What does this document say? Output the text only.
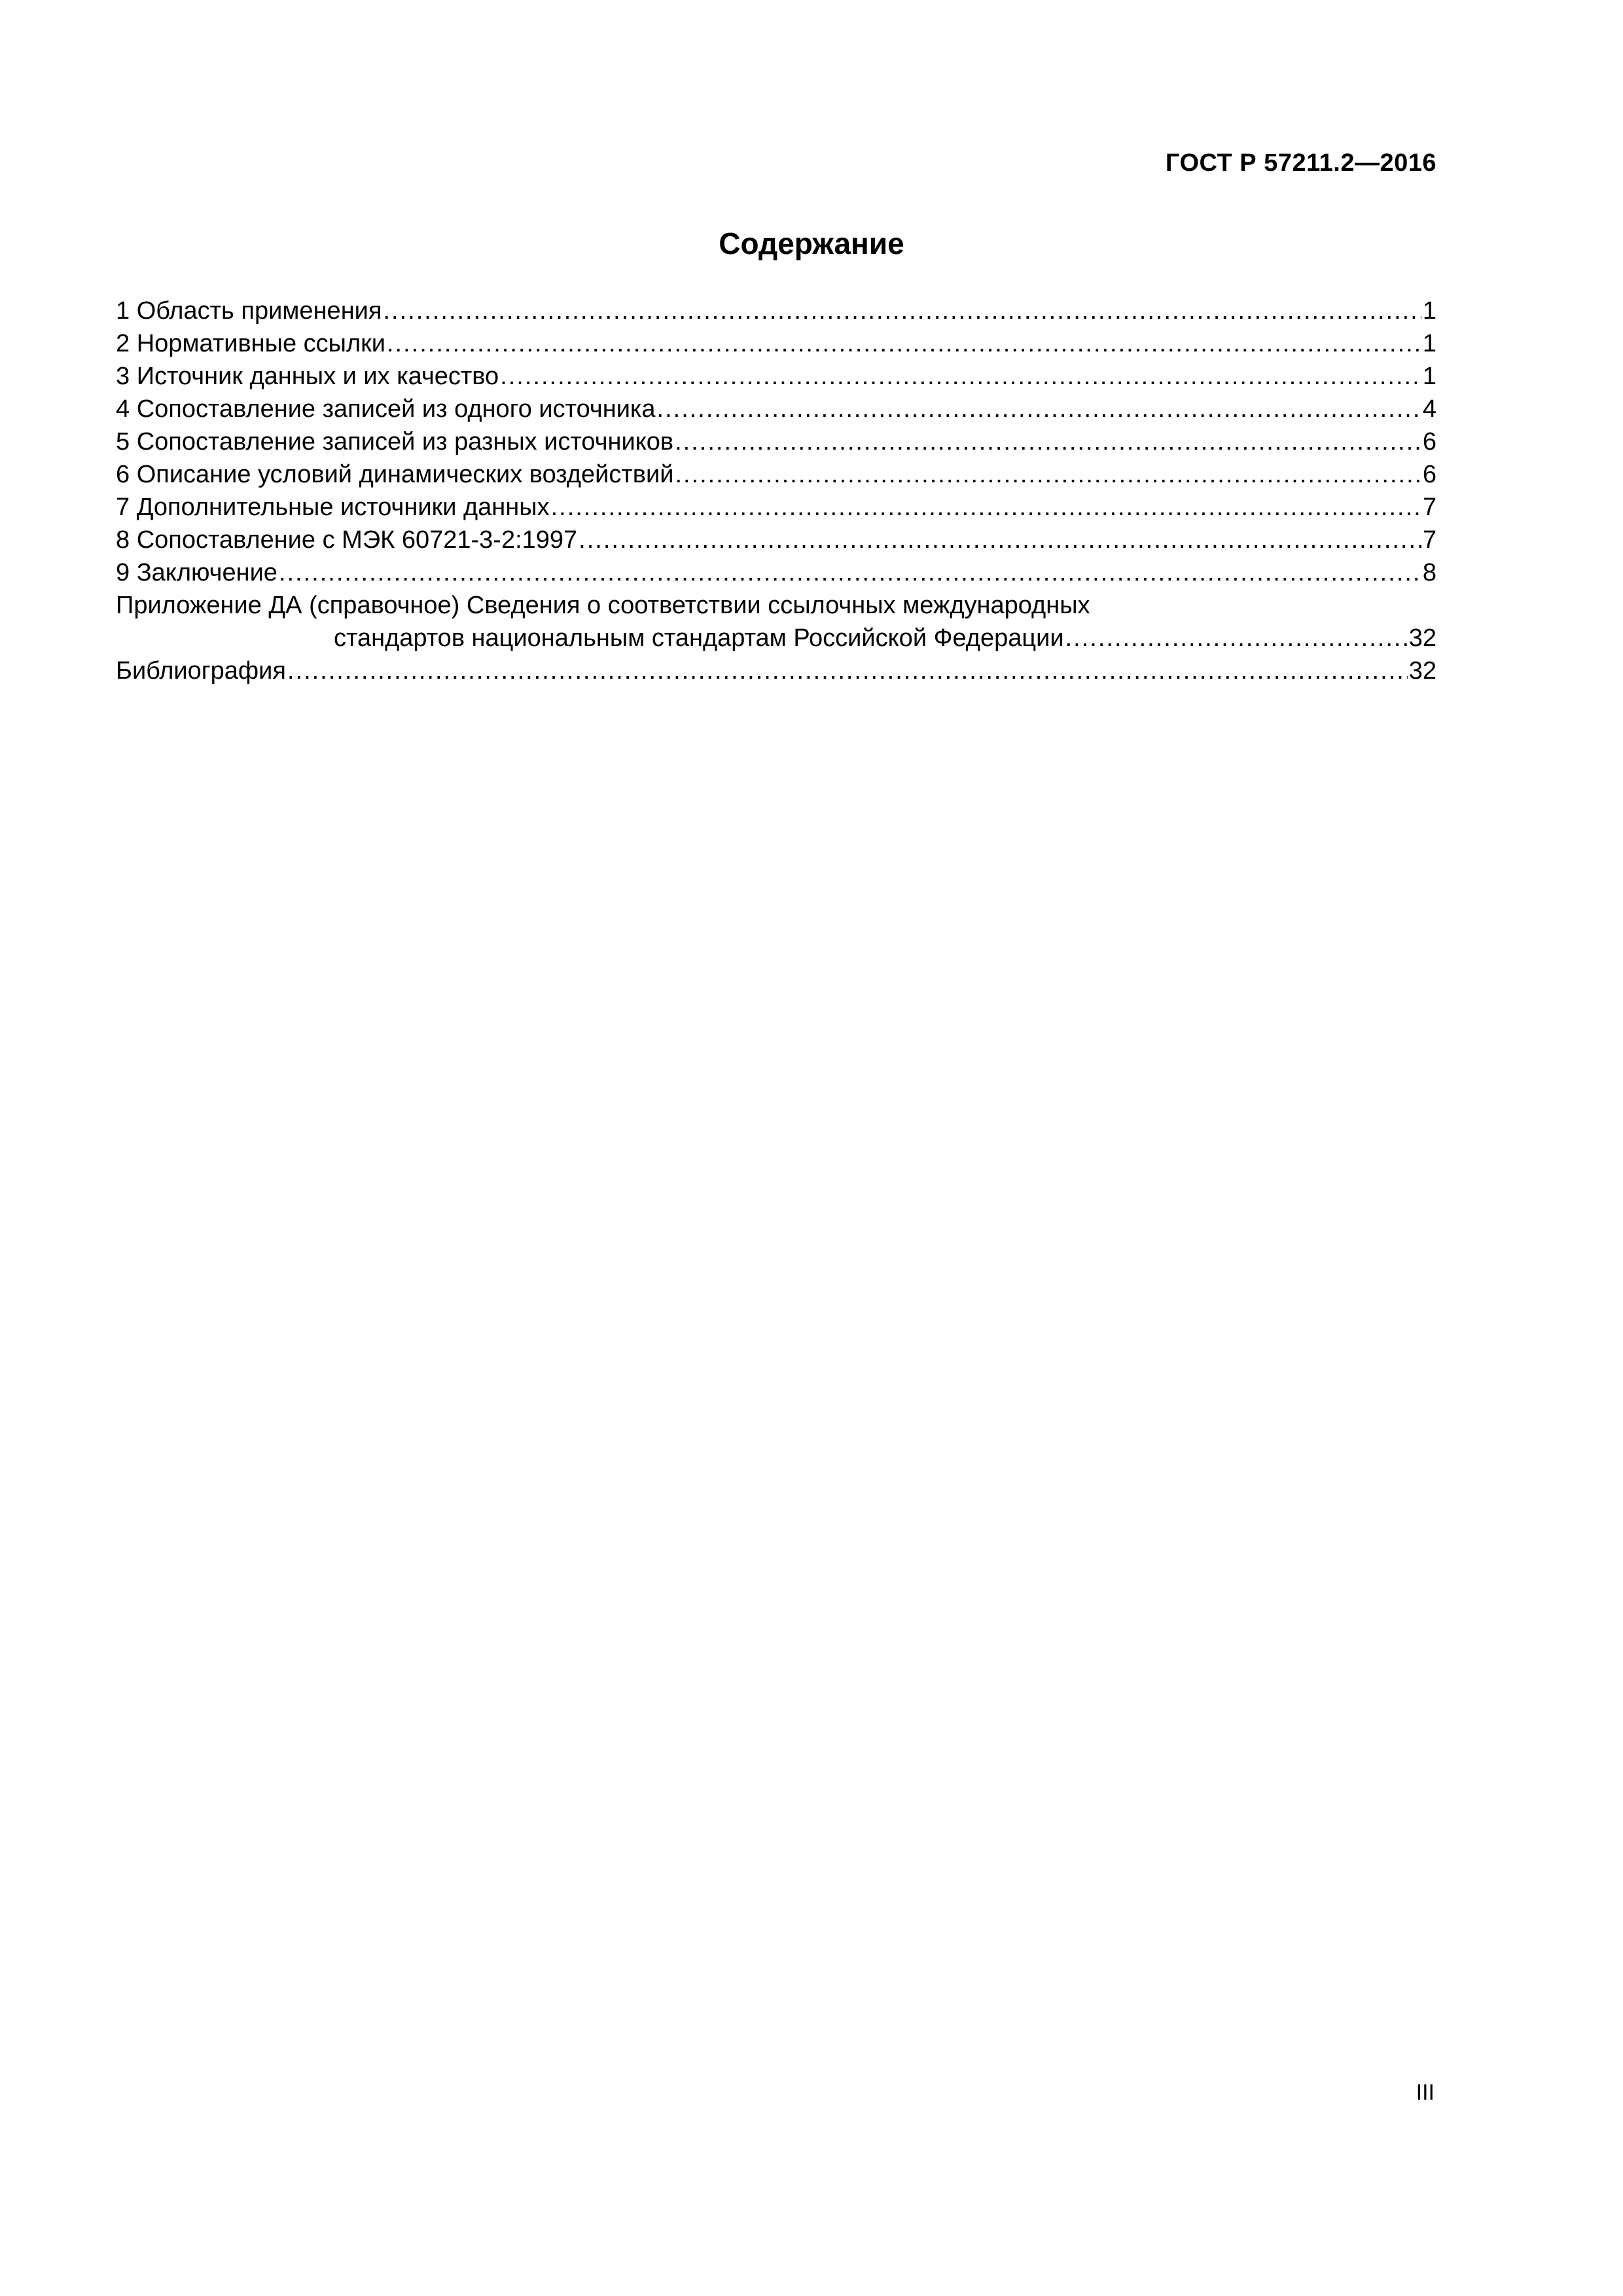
ГОСТ Р 57211.2—2016
Содержание
1 Область применения .....	1
2 Нормативные ссылки .....	1
3 Источник данных и их качество .....	1
4 Сопоставление записей из одного источника .....	4
5 Сопоставление записей из разных источников .....	6
6 Описание условий динамических воздействий .....	6
7 Дополнительные источники данных .....	7
8 Сопоставление с МЭК 60721-3-2:1997 .....	7
9 Заключение .....	8
Приложение ДА (справочное) Сведения о соответствии ссылочных международных
стандартов национальным стандартам Российской Федерации .....	32
Библиография .....	32
III
